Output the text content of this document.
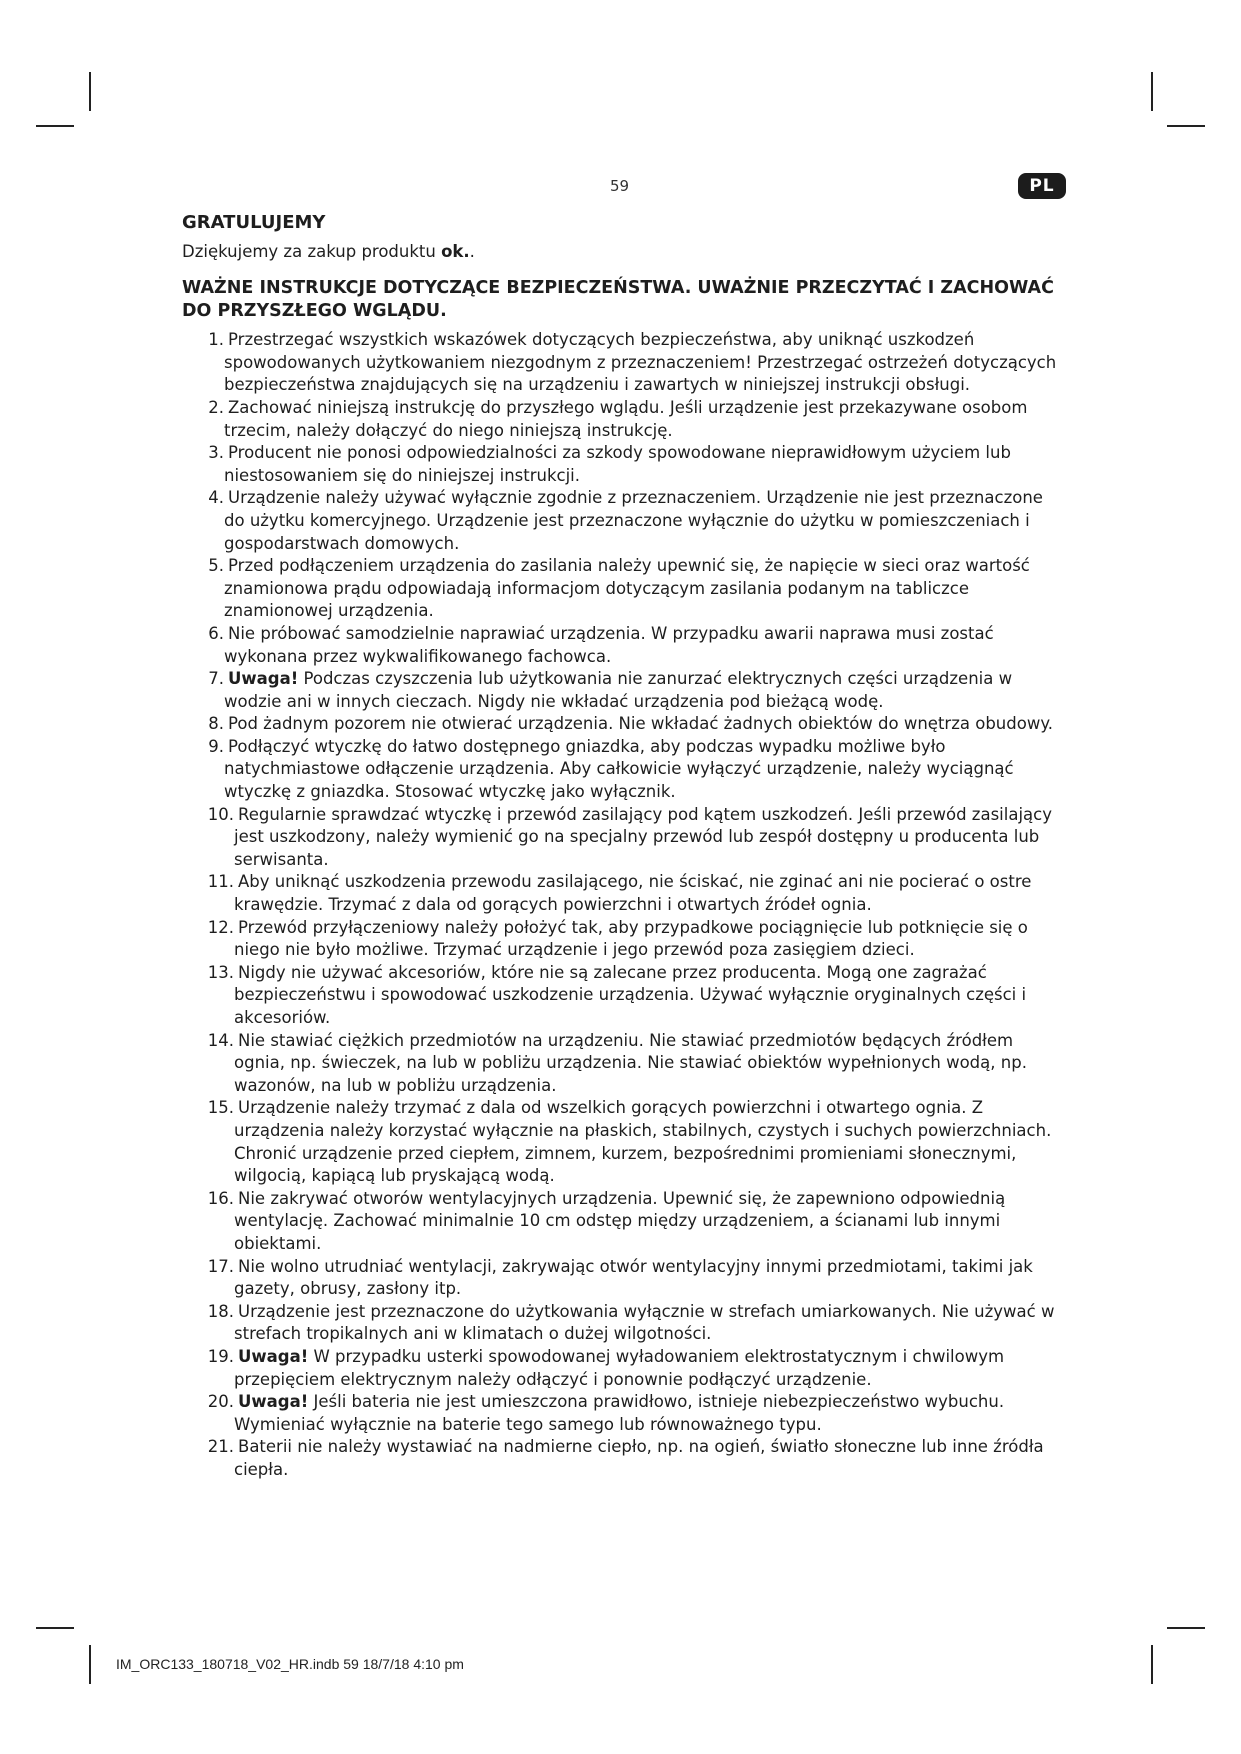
59	PL
GRATULUJEMY
Dziękujemy za zakup produktu ok..
WAŻNE INSTRUKCJE DOTYCZĄCE BEZPIECZEŃSTWA. UWAŻNIE PRZECZYTAĆ I ZACHOWAĆ DO PRZYSZŁEGO WGLĄDU.
1. Przestrzegać wszystkich wskazówek dotyczących bezpieczeństwa, aby uniknąć uszkodzeń spowodowanych użytkowaniem niezgodnym z przeznaczeniem! Przestrzegać ostrzeżeń dotyczących bezpieczeństwa znajdujących się na urządzeniu i zawartych w niniejszej instrukcji obsługi.
2. Zachować niniejszą instrukcję do przyszłego wglądu. Jeśli urządzenie jest przekazywane osobom trzecim, należy dołączyć do niego niniejszą instrukcję.
3. Producent nie ponosi odpowiedzialności za szkody spowodowane nieprawidłowym użyciem lub niestosowaniem się do niniejszej instrukcji.
4. Urządzenie należy używać wyłącznie zgodnie z przeznaczeniem. Urządzenie nie jest przeznaczone do użytku komercyjnego. Urządzenie jest przeznaczone wyłącznie do użytku w pomieszczeniach i gospodarstwach domowych.
5. Przed podłączeniem urządzenia do zasilania należy upewnić się, że napięcie w sieci oraz wartość znamionowa prądu odpowiadają informacjom dotyczącym zasilania podanym na tabliczce znamionowej urządzenia.
6. Nie próbować samodzielnie naprawiać urządzenia. W przypadku awarii naprawa musi zostać wykonana przez wykwalifikowanego fachowca.
7. Uwaga! Podczas czyszczenia lub użytkowania nie zanurzać elektrycznych części urządzenia w wodzie ani w innych cieczach. Nigdy nie wkładać urządzenia pod bieżącą wodę.
8. Pod żadnym pozorem nie otwierać urządzenia. Nie wkładać żadnych obiektów do wnętrza obudowy.
9. Podłączyć wtyczkę do łatwo dostępnego gniazdka, aby podczas wypadku możliwe było natychmiastowe odłączenie urządzenia. Aby całkowicie wyłączyć urządzenie, należy wyciągnąć wtyczkę z gniazdka. Stosować wtyczkę jako wyłącznik.
10. Regularnie sprawdzać wtyczkę i przewód zasilający pod kątem uszkodzeń. Jeśli przewód zasilający jest uszkodzony, należy wymienić go na specjalny przewód lub zespół dostępny u producenta lub serwisanta.
11. Aby uniknąć uszkodzenia przewodu zasilającego, nie ściskać, nie zginać ani nie pocierać o ostre krawędzie. Trzymać z dala od gorących powierzchni i otwartych źródeł ognia.
12. Przewód przyłączeniowy należy położyć tak, aby przypadkowe pociągnięcie lub potknięcie się o niego nie było możliwe. Trzymać urządzenie i jego przewód poza zasięgiem dzieci.
13. Nigdy nie używać akcesoriów, które nie są zalecane przez producenta. Mogą one zagrażać bezpieczeństwu i spowodować uszkodzenie urządzenia. Używać wyłącznie oryginalnych części i akcesoriów.
14. Nie stawiać ciężkich przedmiotów na urządzeniu. Nie stawiać przedmiotów będących źródłem ognia, np. świeczek, na lub w pobliżu urządzenia. Nie stawiać obiektów wypełnionych wodą, np. wazonów, na lub w pobliżu urządzenia.
15. Urządzenie należy trzymać z dala od wszelkich gorących powierzchni i otwartego ognia. Z urządzenia należy korzystać wyłącznie na płaskich, stabilnych, czystych i suchych powierzchniach. Chronić urządzenie przed ciepłem, zimnem, kurzem, bezpośrednimi promieniami słonecznymi, wilgocią, kapiącą lub pryskającą wodą.
16. Nie zakrywać otworów wentylacyjnych urządzenia. Upewnić się, że zapewniono odpowiednią wentylację. Zachować minimalnie 10 cm odstęp między urządzeniem, a ścianami lub innymi obiektami.
17. Nie wolno utrudniać wentylacji, zakrywając otwór wentylacyjny innymi przedmiotami, takimi jak gazety, obrusy, zasłony itp.
18. Urządzenie jest przeznaczone do użytkowania wyłącznie w strefach umiarkowanych. Nie używać w strefach tropikalnych ani w klimatach o dużej wilgotności.
19. Uwaga! W przypadku usterki spowodowanej wyładowaniem elektrostatycznym i chwilowym przepięciem elektrycznym należy odłączyć i ponownie podłączyć urządzenie.
20. Uwaga! Jeśli bateria nie jest umieszczona prawidłowo, istnieje niebezpieczeństwo wybuchu. Wymieniać wyłącznie na baterie tego samego lub równoważnego typu.
21. Baterii nie należy wystawiać na nadmierne ciepło, np. na ogień, światło słoneczne lub inne źródła ciepła.
IM_ORC133_180718_V02_HR.indb 59 18/7/18 4:10 pm
